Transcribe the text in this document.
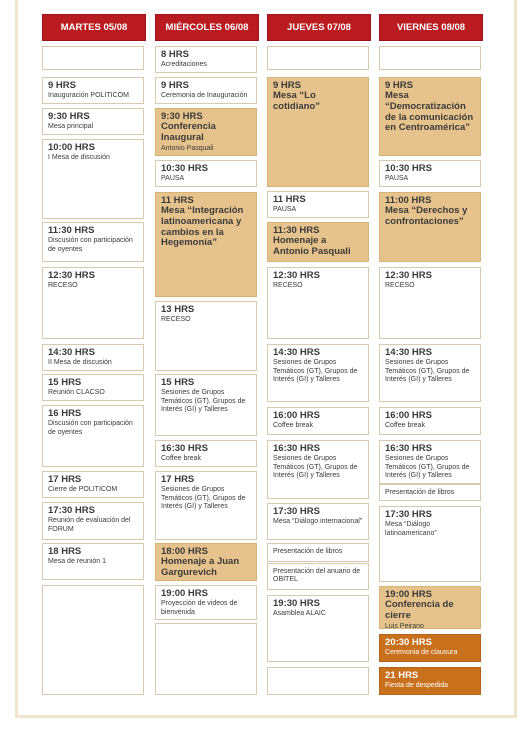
MARTES 05/08
9 HRS
Inauguración POLITICOM
9:30 HRS
Mesa principal
10:00 HRS
I Mesa de discusión
11:30 HRS
Discusión con participación de oyentes
12:30 HRS
RECESO
14:30 HRS
II Mesa de discusión
15 HRS
Reunión CLACSO
16 HRS
Discusión con participación de oyentes
17 HRS
Cierre de POLITICOM
17:30 HRS
Reunión de evaluación del FORUM
18 HRS
Mesa de reunión 1
MIÉRCOLES 06/08
8 HRS
Acreditaciones
9 HRS
Ceremonia de Inauguración
9:30 HRS
Conferencia Inaugural
Antonio Pasquali
10:30 HRS
PAUSA
11 HRS
Mesa “Integración latinoamericana y cambios en la Hegemonía”
13 HRS
RECESO
15 HRS
Sesiones de Grupos Temáticos (GT), Grupos de Interés (GI) y Talleres
16:30 HRS
Coffee break
17 HRS
Sesiones de Grupos Temáticos (GT), Grupos de Interés (GI) y Talleres
18:00 HRS
Homenaje a Juan Gargurevich
19:00 HRS
Proyección de videos de bienvenida
JUEVES 07/08
9 HRS
Mesa “Lo cotidiano”
11 HRS
PAUSA
11:30 HRS
Homenaje a Antonio Pasquali
12:30 HRS
RECESO
14:30 HRS
Sesiones de Grupos Temáticos (GT), Grupos de Interés (GI) y Talleres
16:00 HRS
Coffee break
16:30 HRS
Sesiones de Grupos Temáticos (GT), Grupos de Interés (GI) y Talleres
17:30 HRS
Mesa “Diálogo internacional”
Presentación de libros
Presentación del anuario de OBITEL
19:30 HRS
Asamblea ALAIC
VIERNES 08/08
9 HRS
Mesa “Democratización de la comunicación en Centroamérica”
10:30 HRS
PAUSA
11:00 HRS
Mesa “Derechos y confrontaciones”
12:30 HRS
RECESO
14:30 HRS
Sesiones de Grupos Temáticos (GT), Grupos de Interés (GI) y Talleres
16:00 HRS
Coffee break
16:30 HRS
Sesiones de Grupos Temáticos (GT), Grupos de Interés (GI) y Talleres
Presentación de libros
17:30 HRS
Mesa “Diálogo latinoamericano”
19:00 HRS
Conferencia de cierre
Luis Peirano
20:30 HRS
Ceremonia de clausura
21 HRS
Fiesta de despedida
